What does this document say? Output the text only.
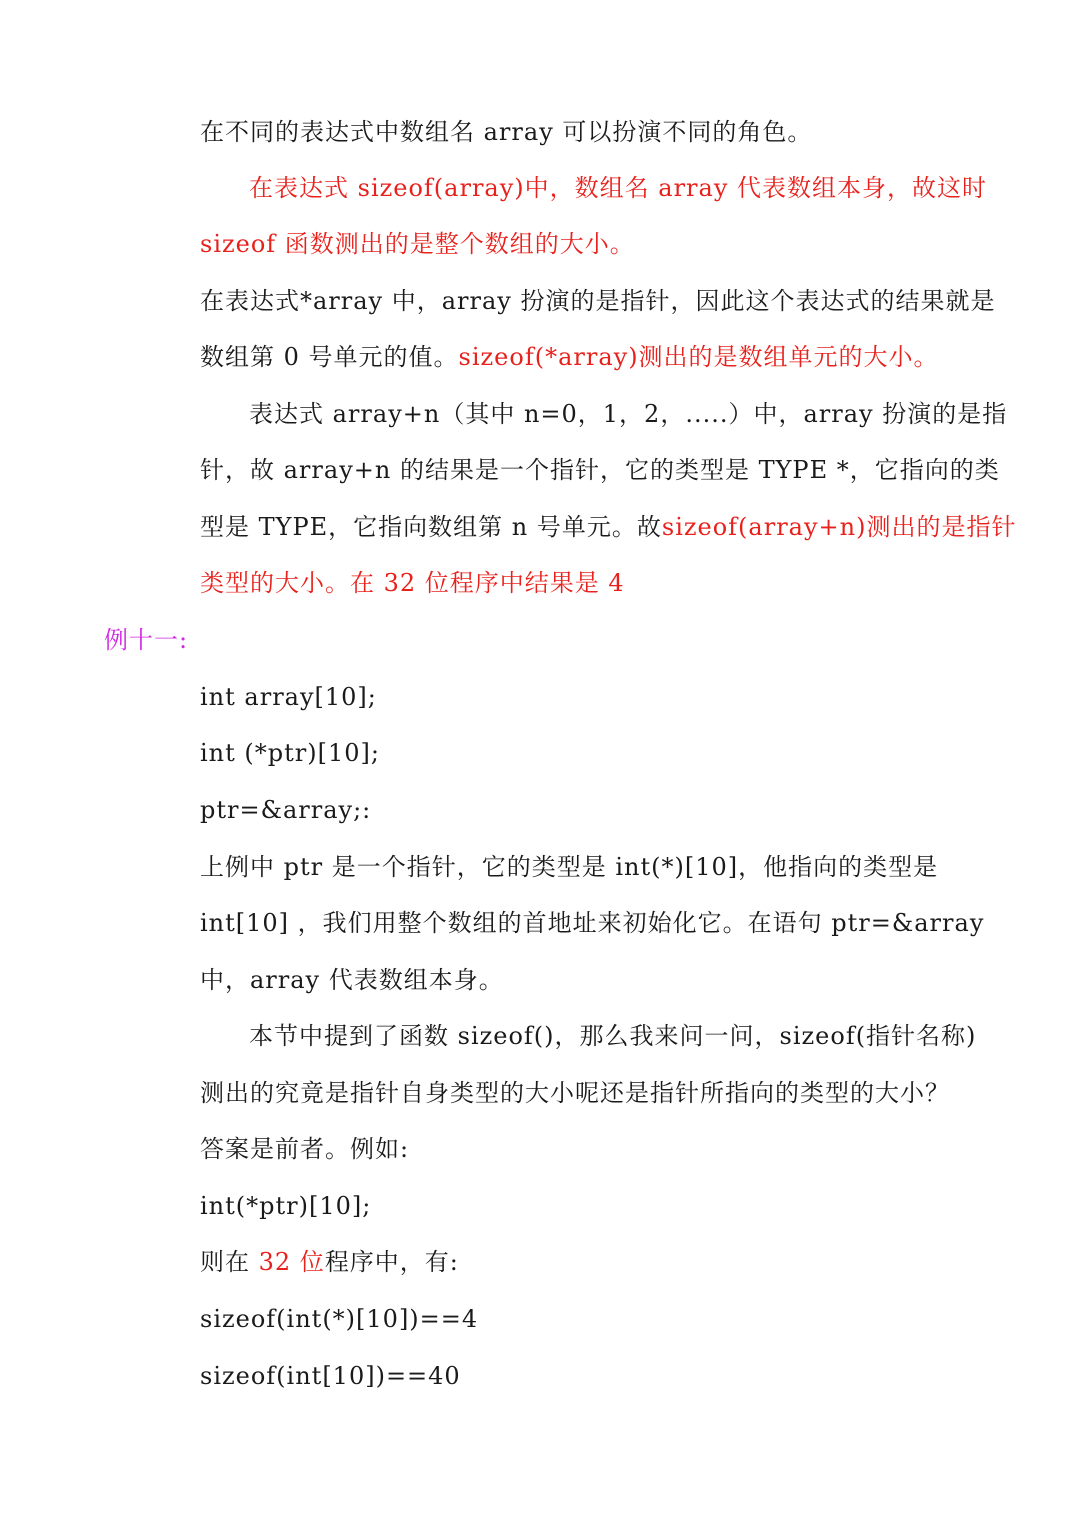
在不同的表达式中数组名 array 可以扮演不同的角色。
在表达式 sizeof(array)中，数组名 array 代表数组本身，故这时
sizeof 函数测出的是整个数组的大小。
在表达式*array 中，array 扮演的是指针，因此这个表达式的结果就是
数组第 0 号单元的值。sizeof(*array)测出的是数组单元的大小。
表达式 array+n（其中 n=0，1，2，.....）中，array 扮演的是指
针，故 array+n 的结果是一个指针，它的类型是 TYPE *，它指向的类
型是 TYPE，它指向数组第 n 号单元。故sizeof(array+n)测出的是指针
类型的大小。在 32 位程序中结果是 4
例十一:
int array[10];
int (*ptr)[10];
ptr=&array;:
上例中 ptr 是一个指针，它的类型是 int(*)[10]，他指向的类型是
int[10] ，我们用整个数组的首地址来初始化它。在语句 ptr=&array
中，array 代表数组本身。
本节中提到了函数 sizeof()，那么我来问一问，sizeof(指针名称)
测出的究竟是指针自身类型的大小呢还是指针所指向的类型的大小？
答案是前者。例如:
int(*ptr)[10];
则在 32 位程序中，有:
sizeof(int(*)[10])==4
sizeof(int[10])==40
